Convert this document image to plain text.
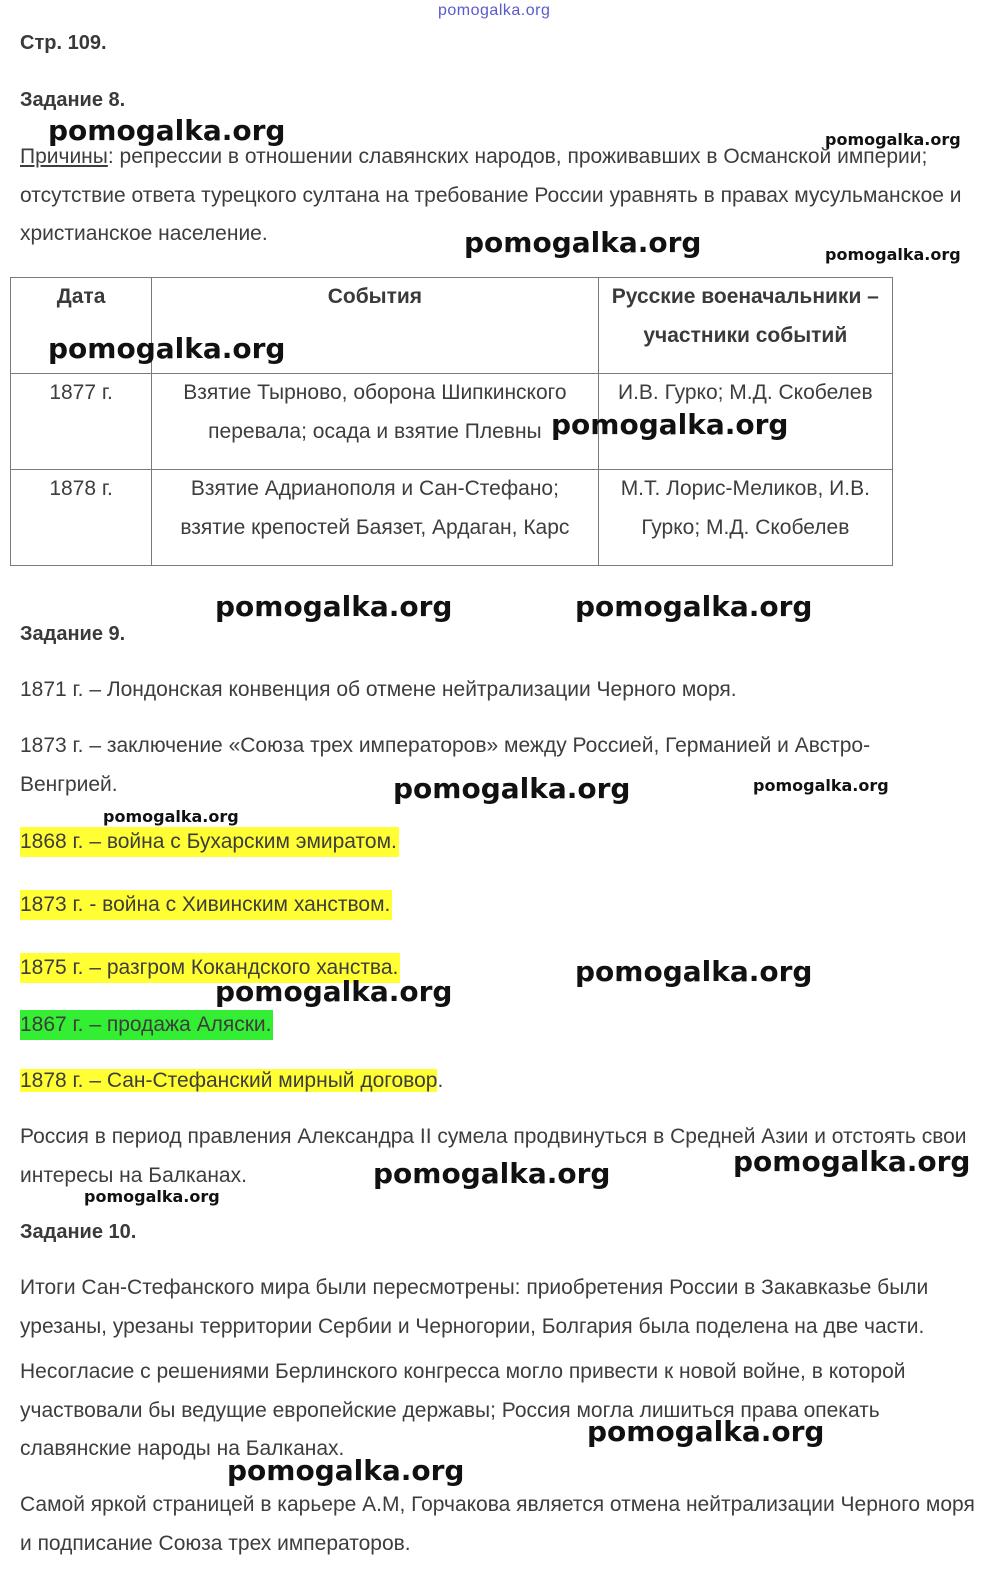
pomogalka.org
Стр. 109.
Задание 8.
Причины: репрессии в отношении славянских народов, проживавших в Османской империи; отсутствие ответа турецкого султана на требование России уравнять в правах мусульманское и христианское население.
Дата	События	Русские военачальники – участники событий
1877 г.	Взятие Тырново, оборона Шипкинского перевала; осада и взятие Плевны	И.В. Гурко; М.Д. Скобелев
1878 г.	Взятие Адрианополя и Сан-Стефано; взятие крепостей Баязет, Ардаган, Карс	М.Т. Лорис-Меликов, И.В. Гурко; М.Д. Скобелев
Задание 9.
1871 г. – Лондонская конвенция об отмене нейтрализации Черного моря.
1873 г. – заключение «Союза трех императоров» между Россией, Германией и Австро-Венгрией.
1868 г. – война с Бухарским эмиратом.
1873 г. - война с Хивинским ханством.
1875 г. – разгром Кокандского ханства.
1867 г. – продажа Аляски.
1878 г. – Сан-Стефанский мирный договор.
Россия в период правления Александра II сумела продвинуться в Средней Азии и отстоять свои интересы на Балканах.
Задание 10.
Итоги Сан-Стефанского мира были пересмотрены: приобретения России в Закавказье были урезаны, урезаны территории Сербии и Черногории, Болгария была поделена на две части.
Несогласие с решениями Берлинского конгресса могло привести к новой войне, в которой участвовали бы ведущие европейские державы; Россия могла лишиться права опекать славянские народы на Балканах.
Самой яркой страницей в карьере А.М, Горчакова является отмена нейтрализации Черного моря и подписание Союза трех императоров.
pomogalka.org	pomogalka.org
pomogalka.org	pomogalka.org
pomogalka.org
pomogalka.org
pomogalka.org	pomogalka.org
pomogalka.org	pomogalka.org
pomogalka.org
pomogalka.org
pomogalka.org
pomogalka.org
pomogalka.org
pomogalka.org
pomogalka.org
pomogalka.org
